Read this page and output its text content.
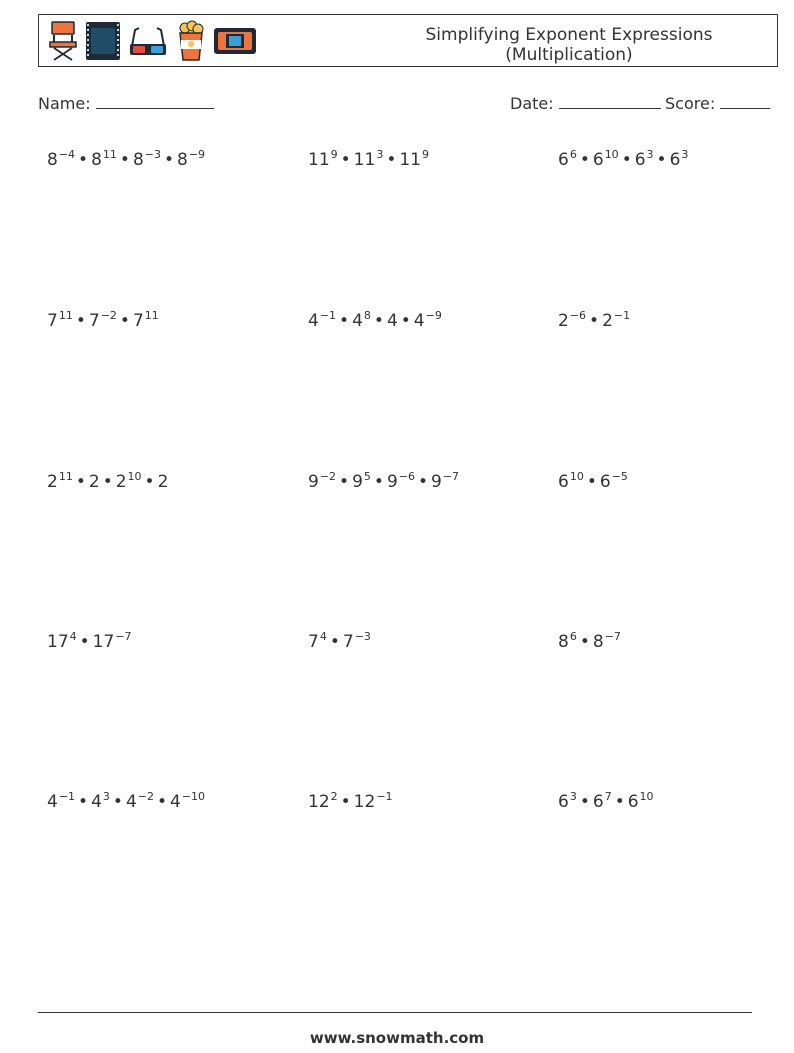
Simplifying Exponent Expressions
(Multiplication)
Name:	Date:	Score:
$8^{-4}$ • $8^{11}$ • $8^{-3}$ • $8^{-9}$	$11^9$ • $11^3$ • $11^9$	$6^6$ • $6^{10}$ • $6^3$ • $6^3$
$7^{11}$ • $7^{-2}$ • $7^{11}$	$4^{-1}$ • $4^8$ • 4 • $4^{-9}$	$2^{-6}$ • $2^{-1}$
$2^{11}$ • 2 • $2^{10}$ • 2	$9^{-2}$ • $9^5$ • $9^{-6}$ • $9^{-7}$	$6^{10}$ • $6^{-5}$
$17^4$ • $17^{-7}$	$7^4$ • $7^{-3}$	$8^6$ • $8^{-7}$
$4^{-1}$ • $4^3$ • $4^{-2}$ • $4^{-10}$	$12^2$ • $12^{-1}$	$6^3$ • $6^7$ • $6^{10}$
www.snowmath.com
